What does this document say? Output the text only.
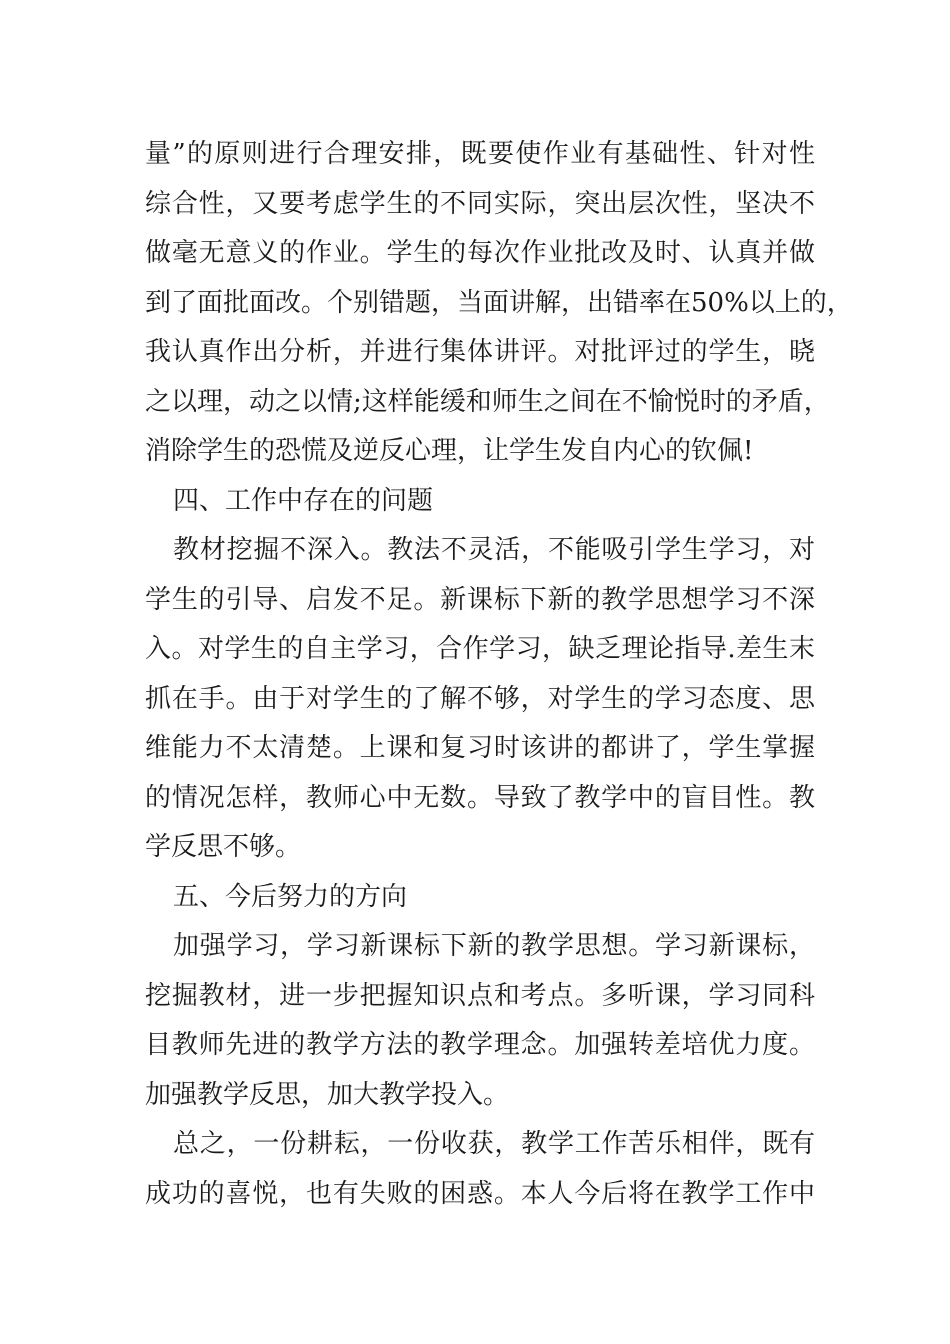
量”的原则进行合理安排，既要使作业有基础性、针对性
综合性，又要考虑学生的不同实际，突出层次性，坚决不
做毫无意义的作业。学生的每次作业批改及时、认真并做
到了面批面改。个别错题，当面讲解，出错率在50%以上的，
我认真作出分析，并进行集体讲评。对批评过的学生，晓
之以理，动之以情;这样能缓和师生之间在不愉悦时的矛盾，
消除学生的恐慌及逆反心理，让学生发自内心的钦佩!
四、工作中存在的问题
教材挖掘不深入。教法不灵活，不能吸引学生学习，对
学生的引导、启发不足。新课标下新的教学思想学习不深
入。对学生的自主学习，合作学习，缺乏理论指导.差生末
抓在手。由于对学生的了解不够，对学生的学习态度、思
维能力不太清楚。上课和复习时该讲的都讲了，学生掌握
的情况怎样，教师心中无数。导致了教学中的盲目性。教
学反思不够。
五、今后努力的方向
加强学习，学习新课标下新的教学思想。学习新课标，
挖掘教材，进一步把握知识点和考点。多听课，学习同科
目教师先进的教学方法的教学理念。加强转差培优力度。
加强教学反思，加大教学投入。
总之，一份耕耘，一份收获，教学工作苦乐相伴，既有
成功的喜悦，也有失败的困惑。本人今后将在教学工作中
